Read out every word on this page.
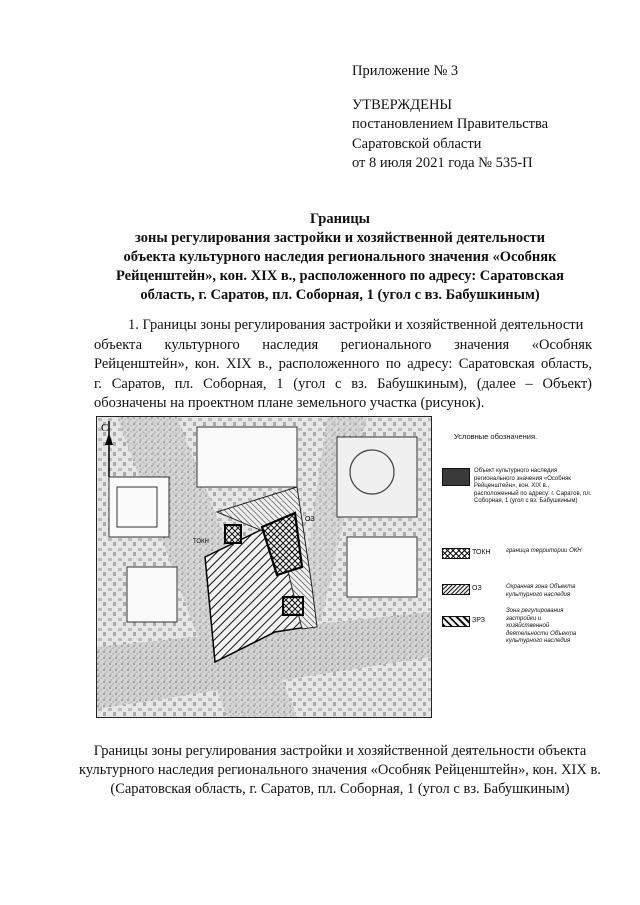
Приложение № 3
УТВЕРЖДЕНЫ
постановлением Правительства
Саратовской области
от 8 июля 2021 года № 535-П
Границы
зоны регулирования застройки и хозяйственной деятельности
объекта культурного наследия регионального значения «Особняк
Рейценштейн», кон. XIX в., расположенного по адресу: Саратовская
область, г. Саратов, пл. Соборная, 1 (угол с вз. Бабушкиным)
1. Границы зоны регулирования застройки и хозяйственной деятельности
объекта культурного наследия регионального значения «Особняк
Рейценштейн», кон. XIX в., расположенного по адресу: Саратовская область,
г. Саратов, пл. Соборная, 1 (угол с вз. Бабушкиным), (далее – Объект)
обозначены на проектном плане земельного участка (рисунок).
С
ОЗ
ТОКН
Условные обозначения.
Объект культурного наследия регионального значения «Особняк Рейценштейн», кон. XIX в., расположенный по адресу: г. Саратов, пл. Соборная, 1 (угол с вз. Бабушкиным)
ТОКН	граница территории ОКН
ОЗ	Охранная зона Объекта культурного наследия
ЗРЗ
Зона регулирования застройки и хозяйственной деятельности Объекта культурного наследия
Границы зоны регулирования застройки и хозяйственной деятельности объекта
культурного наследия регионального значения «Особняк Рейценштейн», кон. XIX в.
(Саратовская область, г. Саратов, пл. Соборная, 1 (угол с вз. Бабушкиным)
